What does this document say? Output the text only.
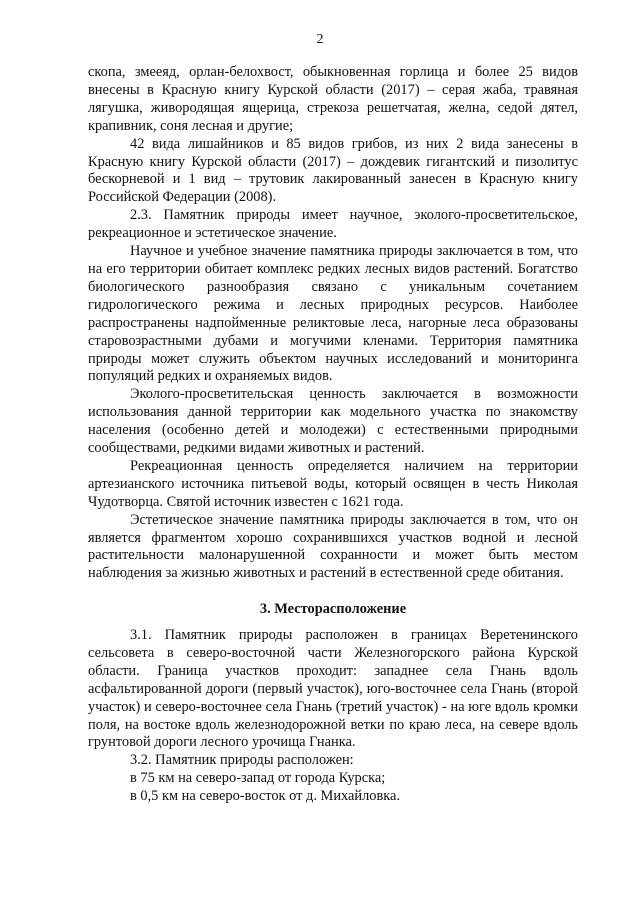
2

скопа, змееяд, орлан-белохвост, обыкновенная горлица и более 25 видов внесены в Красную книгу Курской области (2017) – серая жаба, травяная лягушка, живородящая ящерица, стрекоза решетчатая, желна, седой дятел, крапивник, соня лесная и другие;

42 вида лишайников и 85 видов грибов, из них 2 вида занесены в Красную книгу Курской области (2017) – дождевик гигантский и пизолитус бескорневой и 1 вид – трутовик лакированный занесен в Красную книгу Российской Федерации (2008).

2.3. Памятник природы имеет научное, эколого-просветительское, рекреационное и эстетическое значение.

Научное и учебное значение памятника природы заключается в том, что на его территории обитает комплекс редких лесных видов растений. Богатство биологического разнообразия связано с уникальным сочетанием гидрологического режима и лесных природных ресурсов. Наиболее распространены надпойменные реликтовые леса, нагорные леса образованы старовозрастными дубами и могучими кленами. Территория памятника природы может служить объектом научных исследований и мониторинга популяций редких и охраняемых видов.

Эколого-просветительская ценность заключается в возможности использования данной территории как модельного участка по знакомству населения (особенно детей и молодежи) с естественными природными сообществами, редкими видами животных и растений.

Рекреационная ценность определяется наличием на территории артезианского источника питьевой воды, который освящен в честь Николая Чудотворца. Святой источник известен с 1621 года.

Эстетическое значение памятника природы заключается в том, что он является фрагментом хорошо сохранившихся участков водной и лесной растительности малонарушенной сохранности и может быть местом наблюдения за жизнью животных и растений в естественной среде обитания.

3. Месторасположение

3.1. Памятник природы расположен в границах Веретенинского сельсовета в северо-восточной части Железногорского района Курской области. Граница участков проходит: западнее села Гнань вдоль асфальтированной дороги (первый участок), юго-восточнее села Гнань (второй участок) и северо-восточнее села Гнань (третий участок) - на юге вдоль кромки поля, на востоке вдоль железнодорожной ветки по краю леса, на севере вдоль грунтовой дороги лесного урочища Гнанка.

3.2. Памятник природы расположен:

в 75 км на северо-запад от города Курска;

в 0,5 км на северо-восток от д. Михайловка.
